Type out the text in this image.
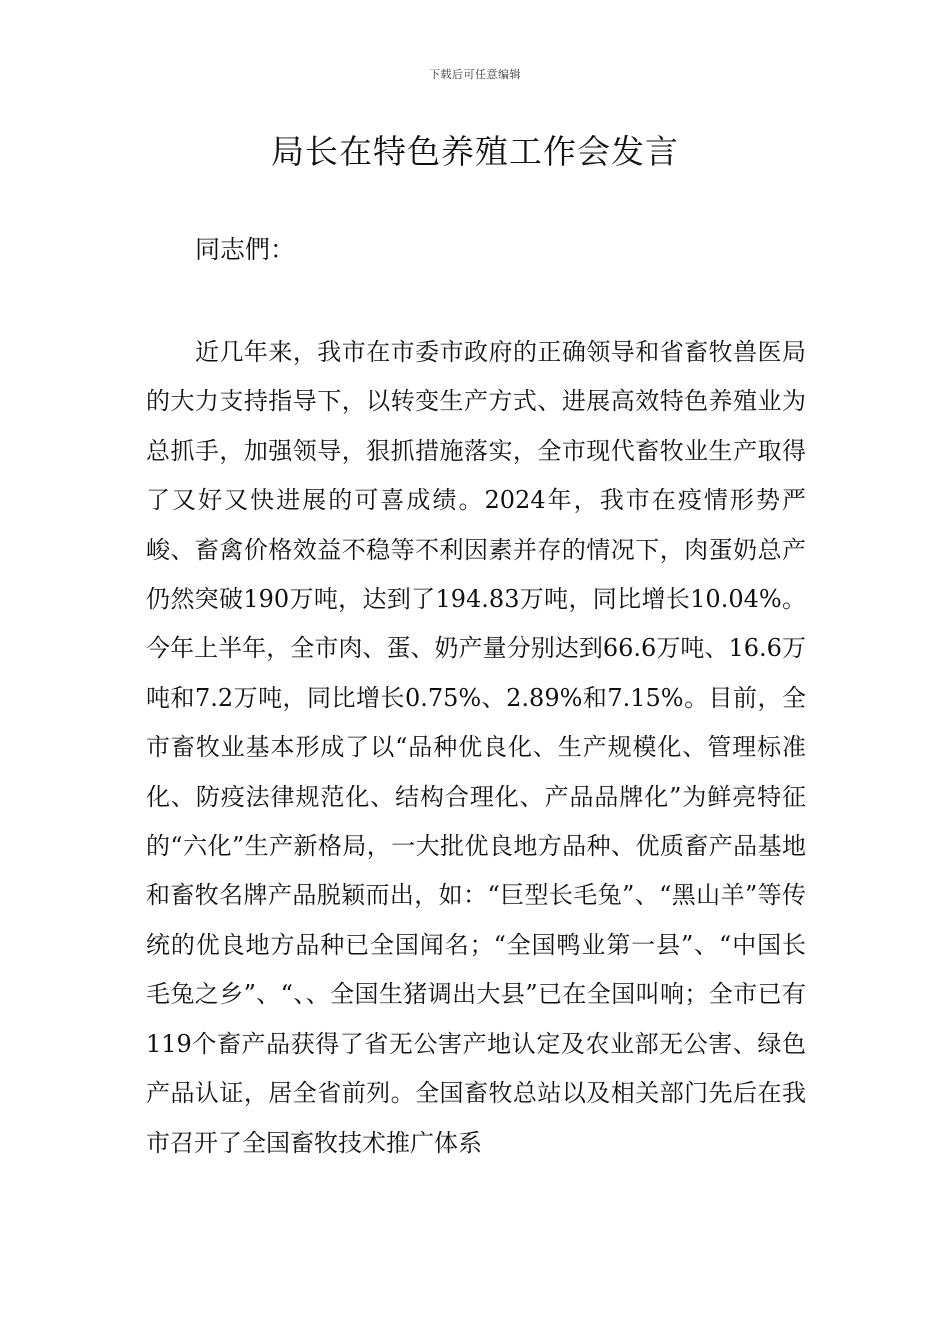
下载后可任意编辑
局长在特色养殖工作会发言

同志們：

近几年来，我市在市委市政府的正确领导和省畜牧兽医局的大力支持指导下，以转变生产方式、进展高效特色养殖业为总抓手，加强领导，狠抓措施落实，全市现代畜牧业生产取得了又好又快进展的可喜成绩。2024年，我市在疫情形势严峻、畜禽价格效益不稳等不利因素并存的情况下，肉蛋奶总产仍然突破190万吨，达到了194.83万吨，同比增长10.04%。今年上半年，全市肉、蛋、奶产量分别达到66.6万吨、16.6万吨和7.2万吨，同比增长0.75%、2.89%和7.15%。目前，全市畜牧业基本形成了以“品种优良化、生产规模化、管理标准化、防疫法律规范化、结构合理化、产品品牌化”为鲜亮特征的“六化”生产新格局，一大批优良地方品种、优质畜产品基地和畜牧名牌产品脱颖而出，如：“巨型长毛兔”、“黑山羊”等传统的优良地方品种已全国闻名；“全国鸭业第一县”、“中国长毛兔之乡”、“、、全国生猪调出大县”已在全国叫响；全市已有119个畜产品获得了省无公害产地认定及农业部无公害、绿色产品认证，居全省前列。全国畜牧总站以及相关部门先后在我市召开了全国畜牧技术推广体系
